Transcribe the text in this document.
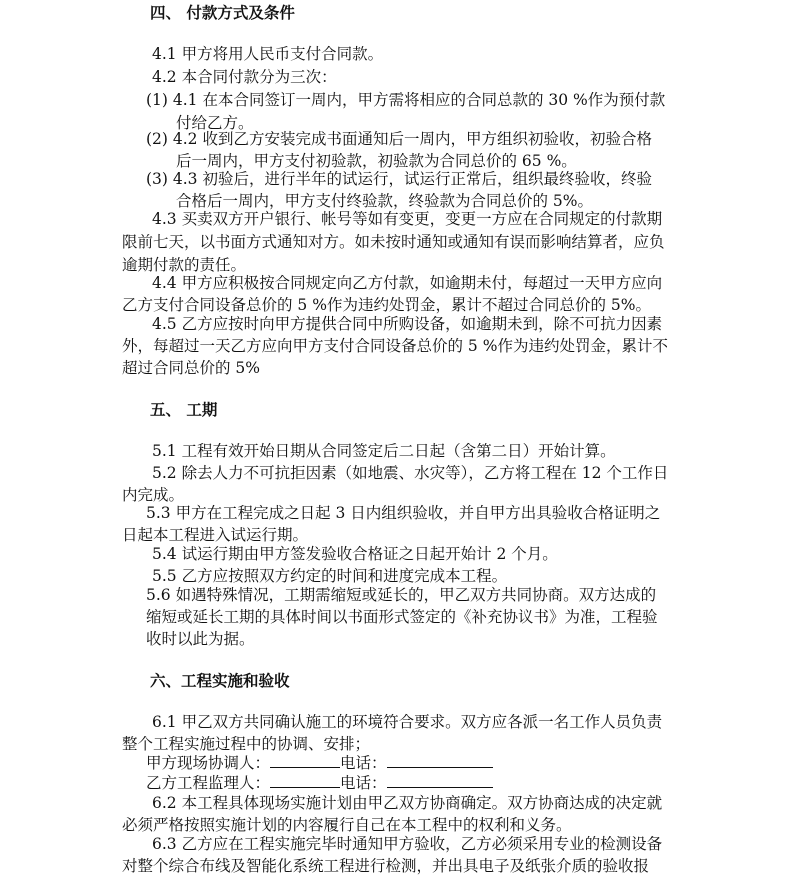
四、 付款方式及条件
4.1 甲方将用人民币支付合同款。
4.2 本合同付款分为三次：
(1) 4.1 在本合同签订一周内，甲方需将相应的合同总款的 30 %作为预付款
付给乙方。
(2) 4.2 收到乙方安装完成书面通知后一周内，甲方组织初验收，初验合格
后一周内，甲方支付初验款，初验款为合同总价的 65 %。
(3) 4.3 初验后，进行半年的试运行，试运行正常后，组织最终验收，终验
合格后一周内，甲方支付终验款，终验款为合同总价的 5%。
4.3 买卖双方开户银行、帐号等如有变更，变更一方应在合同规定的付款期
限前七天，以书面方式通知对方。如未按时通知或通知有误而影响结算者，应负
逾期付款的责任。
4.4 甲方应积极按合同规定向乙方付款，如逾期未付，每超过一天甲方应向
乙方支付合同设备总价的 5 %作为违约处罚金，累计不超过合同总价的 5%。
4.5 乙方应按时向甲方提供合同中所购设备，如逾期未到，除不可抗力因素
外，每超过一天乙方应向甲方支付合同设备总价的 5 %作为违约处罚金，累计不
超过合同总价的 5%
五、 工期
5.1 工程有效开始日期从合同签定后二日起（含第二日）开始计算。
5.2 除去人力不可抗拒因素（如地震、水灾等），乙方将工程在 12 个工作日
内完成。
5.3 甲方在工程完成之日起 3 日内组织验收，并自甲方出具验收合格证明之
日起本工程进入试运行期。
5.4 试运行期由甲方签发验收合格证之日起开始计 2 个月。
5.5 乙方应按照双方约定的时间和进度完成本工程。
5.6 如遇特殊情况，工期需缩短或延长的，甲乙双方共同协商。双方达成的
缩短或延长工期的具体时间以书面形式签定的《补充协议书》为准，工程验
收时以此为据。
六、工程实施和验收
6.1 甲乙双方共同确认施工的环境符合要求。双方应各派一名工作人员负责
整个工程实施过程中的协调、安排；
甲方现场协调人：	电话：
乙方工程监理人：	电话：
6.2 本工程具体现场实施计划由甲乙双方协商确定。双方协商达成的决定就
必须严格按照实施计划的内容履行自己在本工程中的权利和义务。
6.3 乙方应在工程实施完毕时通知甲方验收，乙方必须采用专业的检测设备
对整个综合布线及智能化系统工程进行检测，并出具电子及纸张介质的验收报
